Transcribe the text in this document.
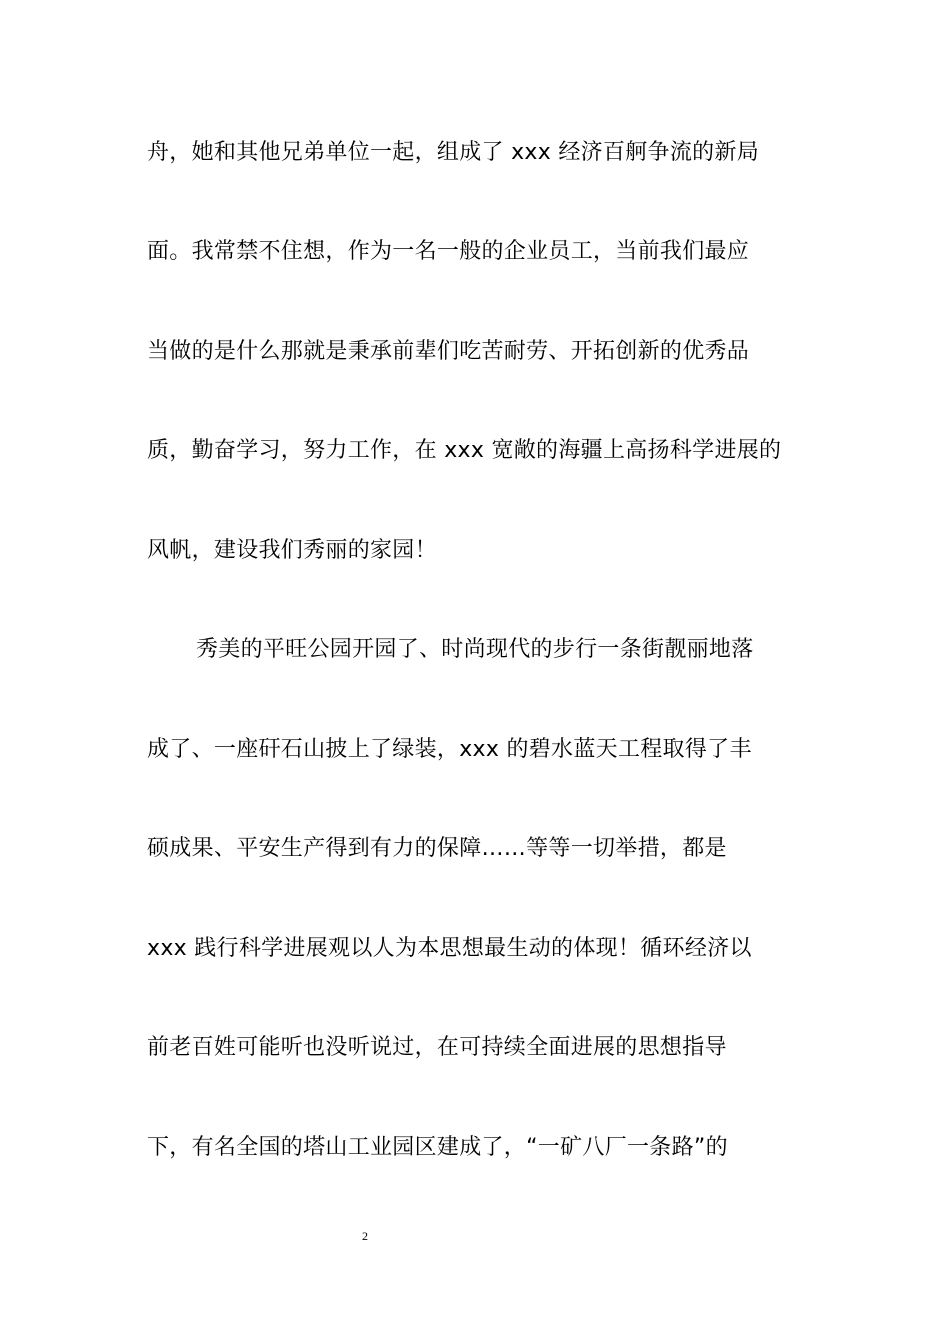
舟，她和其他兄弟单位一起，组成了 xxx 经济百舸争流的新局
面。我常禁不住想，作为一名一般的企业员工，当前我们最应
当做的是什么那就是秉承前辈们吃苦耐劳、开拓创新的优秀品
质，勤奋学习，努力工作，在 xxx 宽敞的海疆上高扬科学进展的
风帆，建设我们秀丽的家园！
秀美的平旺公园开园了、时尚现代的步行一条街靓丽地落
成了、一座矸石山披上了绿装，xxx 的碧水蓝天工程取得了丰
硕成果、平安生产得到有力的保障……等等一切举措，都是
xxx 践行科学进展观以人为本思想最生动的体现！循环经济以
前老百姓可能听也没听说过，在可持续全面进展的思想指导
下，有名全国的塔山工业园区建成了，“一矿八厂一条路”的
2
